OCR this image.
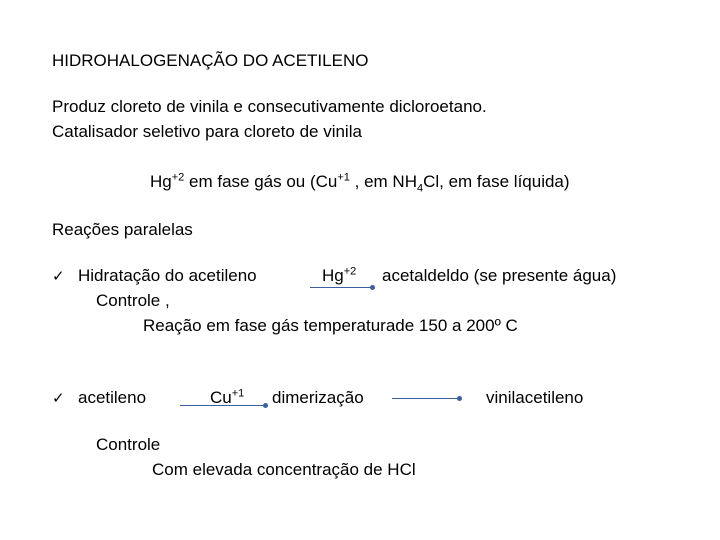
HIDROHALOGENAÇÃO DO ACETILENO
Produz cloreto de vinila e consecutivamente dicloroetano.
Catalisador seletivo para cloreto de vinila
$Hg^{+2}$ em fase gás ou ($Cu^{+1}$ , em $NH_4Cl$, em fase líquida)
Reações paralelas
✓ Hidratação do acetileno	$Hg^{+2}$ acetaldeldo (se presente água)
Controle ,
Reação em fase gás temperaturade 150 a 200º C
✓ acetileno	$Cu^{+1}$ dimerização	vinilacetileno
Controle
Com elevada concentração de HCl
